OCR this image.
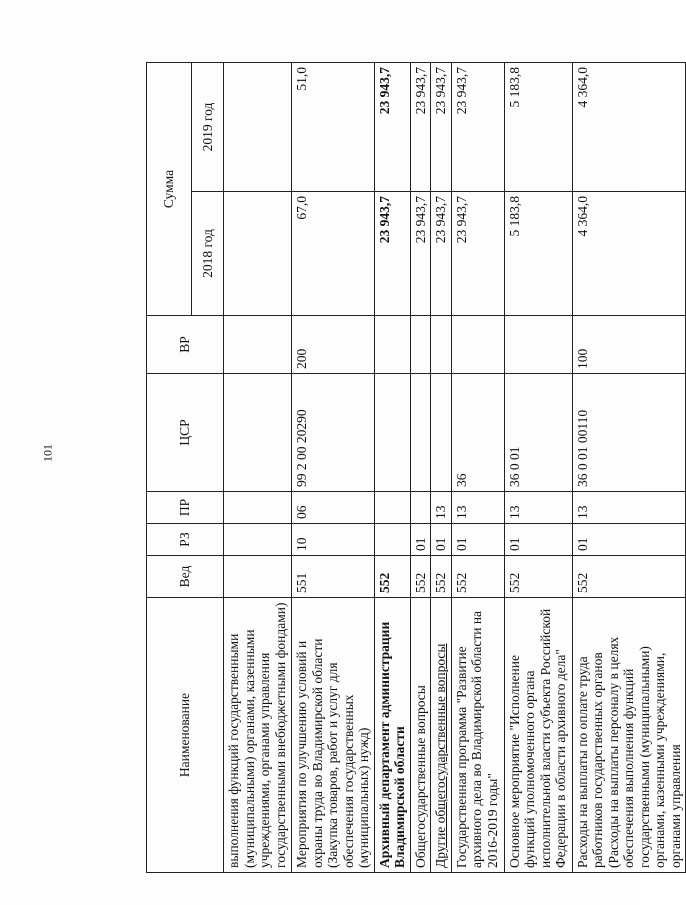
101
Наименование	Вед	РЗ	ПР	ЦСР	ВР	Сумма	
						2018 год	2019 год
выполнения функций государственными (муниципальными) органами, казенными учреждениями, органами управления государственными внебюджетными фондами)							
Мероприятия по улучшению условий и охраны труда во Владимирской области (Закупка товаров, работ и услуг для обеспечения государственных (муниципальных) нужд)	551	10	06	99 2 00 20290	200	67,0	51,0
Архивный департамент администрации Владимирской области	552					23 943,7	23 943,7
Общегосударственные вопросы	552	01				23 943,7	23 943,7
Другие общегосударственные вопросы	552	01	13			23 943,7	23 943,7
Государственная программа "Развитие архивного дела во Владимирской области на 2016-2019 годы"	552	01	13	36		23 943,7	23 943,7
Основное мероприятие "Исполнение функций уполномоченного органа исполнительной власти субъекта Российской Федерации в области архивного дела"	552	01	13	36 0 01		5 183,8	5 183,8
Расходы на выплаты по оплате труда работников государственных органов (Расходы на выплаты персоналу в целях обеспечения выполнения функций государственными (муниципальными) органами, казенными учреждениями, органами управления	552	01	13	36 0 01 00110	100	4 364,0	4 364,0
